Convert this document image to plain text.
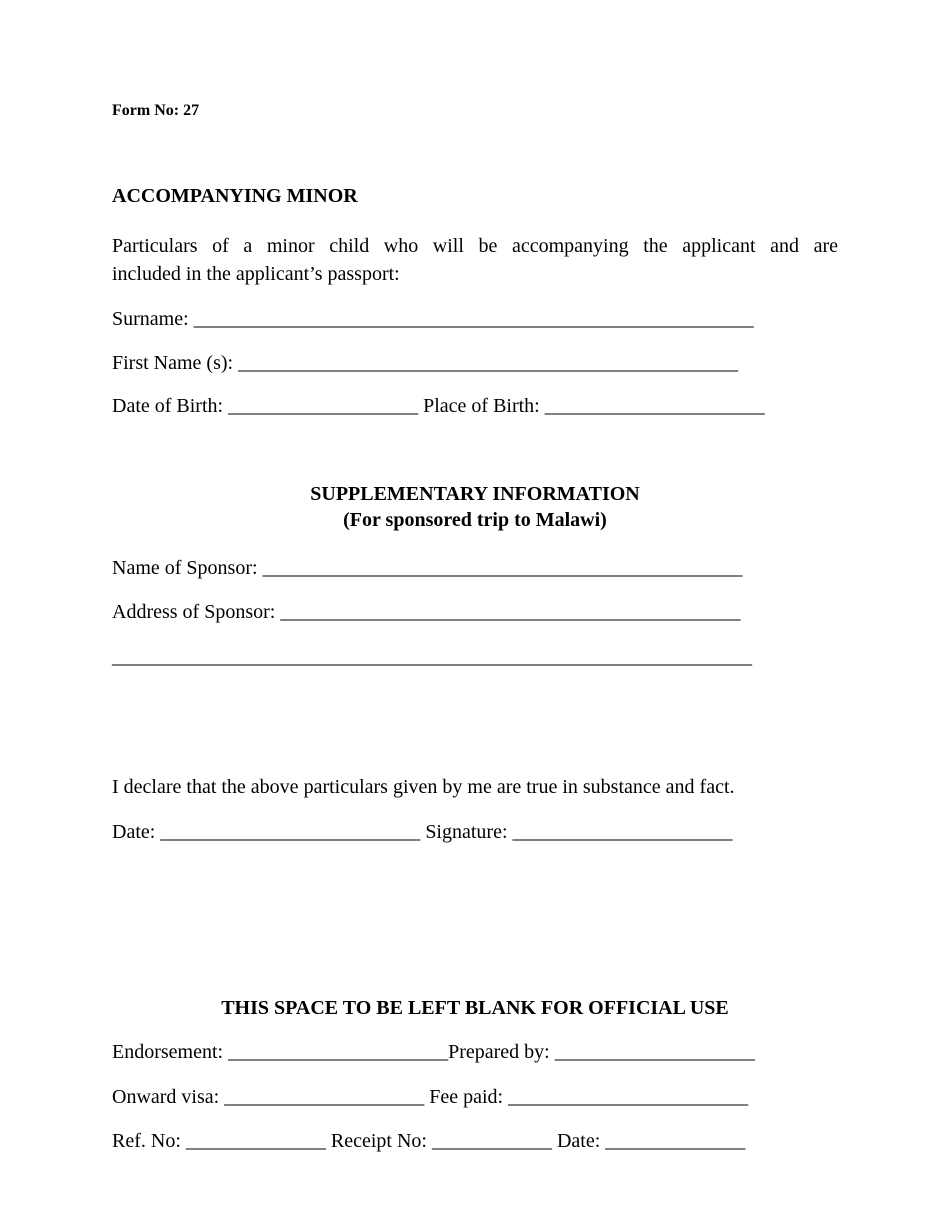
Form No: 27
ACCOMPANYING MINOR
Particulars of a minor child who will be accompanying the applicant and are
included in the applicant’s passport:
Surname: ________________________________________________________
First Name (s): __________________________________________________
Date of Birth: ___________________ Place of Birth: ______________________
SUPPLEMENTARY INFORMATION
(For sponsored trip to Malawi)
Name of Sponsor: ________________________________________________
Address of Sponsor: ______________________________________________
________________________________________________________________
I declare that the above particulars given by me are true in substance and fact.
Date: __________________________ Signature: ______________________
THIS SPACE TO BE LEFT BLANK FOR OFFICIAL USE
Endorsement: ______________________Prepared by: ____________________
Onward visa: ____________________ Fee paid: ________________________
Ref. No: ______________ Receipt No: ____________ Date: ______________
